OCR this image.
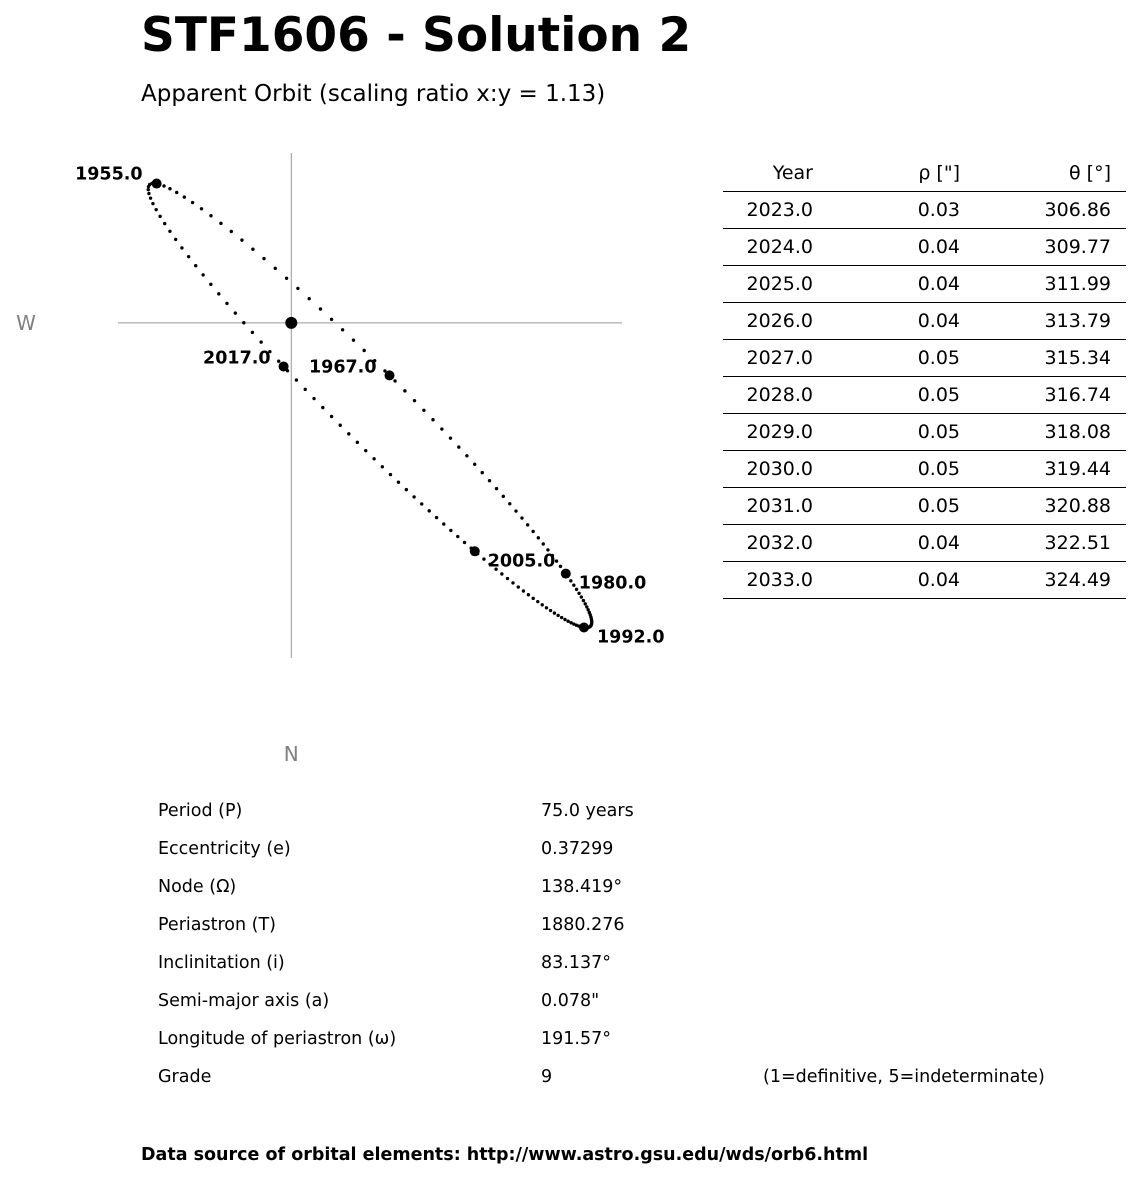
STF1606 - Solution 2
Apparent Orbit (scaling ratio x:y = 1.13)
W
N
1955.0
1967.0
1980.0
1992.0
2005.0
2017.0
Year	ρ ["]	θ [°]
2023.0	0.03	306.86
2024.0	0.04	309.77
2025.0	0.04	311.99
2026.0	0.04	313.79
2027.0	0.05	315.34
2028.0	0.05	316.74
2029.0	0.05	318.08
2030.0	0.05	319.44
2031.0	0.05	320.88
2032.0	0.04	322.51
2033.0	0.04	324.49
Period (P)	75.0 years
Eccentricity (e)	0.37299
Node (Ω)	138.419°
Periastron (T)	1880.276
Inclinitation (i)	83.137°
Semi-major axis (a)	0.078"
Longitude of periastron (ω)	191.57°
Grade	9	(1=definitive, 5=indeterminate)
Data source of orbital elements: http://www.astro.gsu.edu/wds/orb6.html
